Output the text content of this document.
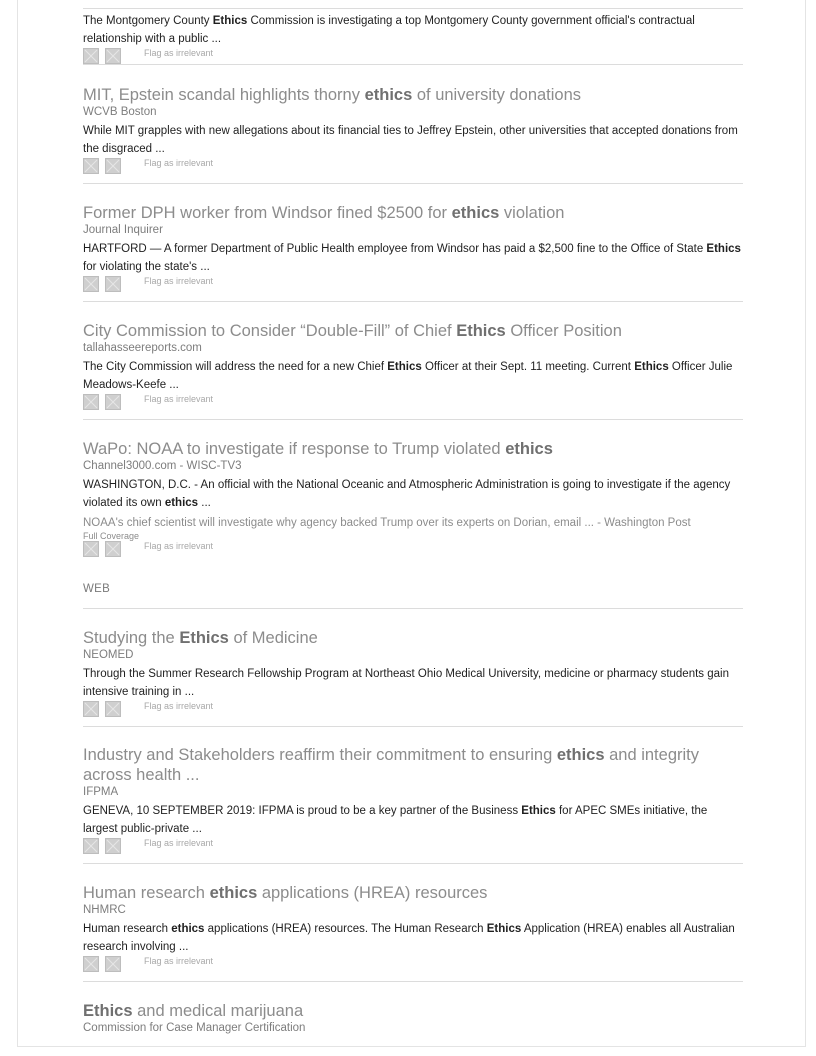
The Montgomery County Ethics Commission is investigating a top Montgomery County government official's contractual relationship with a public ...
Flag as irrelevant
MIT, Epstein scandal highlights thorny ethics of university donations
WCVB Boston
While MIT grapples with new allegations about its financial ties to Jeffrey Epstein, other universities that accepted donations from the disgraced ...
Flag as irrelevant
Former DPH worker from Windsor fined $2500 for ethics violation
Journal Inquirer
HARTFORD — A former Department of Public Health employee from Windsor has paid a $2,500 fine to the Office of State Ethics for violating the state's ...
Flag as irrelevant
City Commission to Consider “Double-Fill” of Chief Ethics Officer Position
tallahasseereports.com
The City Commission will address the need for a new Chief Ethics Officer at their Sept. 11 meeting. Current Ethics Officer Julie Meadows-Keefe ...
Flag as irrelevant
WaPo: NOAA to investigate if response to Trump violated ethics
Channel3000.com - WISC-TV3
WASHINGTON, D.C. - An official with the National Oceanic and Atmospheric Administration is going to investigate if the agency violated its own ethics ...
NOAA's chief scientist will investigate why agency backed Trump over its experts on Dorian, email ... - Washington Post
Full Coverage
Flag as irrelevant
WEB
Studying the Ethics of Medicine
NEOMED
Through the Summer Research Fellowship Program at Northeast Ohio Medical University, medicine or pharmacy students gain intensive training in ...
Flag as irrelevant
Industry and Stakeholders reaffirm their commitment to ensuring ethics and integrity across health ...
IFPMA
GENEVA, 10 SEPTEMBER 2019: IFPMA is proud to be a key partner of the Business Ethics for APEC SMEs initiative, the largest public-private ...
Flag as irrelevant
Human research ethics applications (HREA) resources
NHMRC
Human research ethics applications (HREA) resources. The Human Research Ethics Application (HREA) enables all Australian research involving ...
Flag as irrelevant
Ethics and medical marijuana
Commission for Case Manager Certification
